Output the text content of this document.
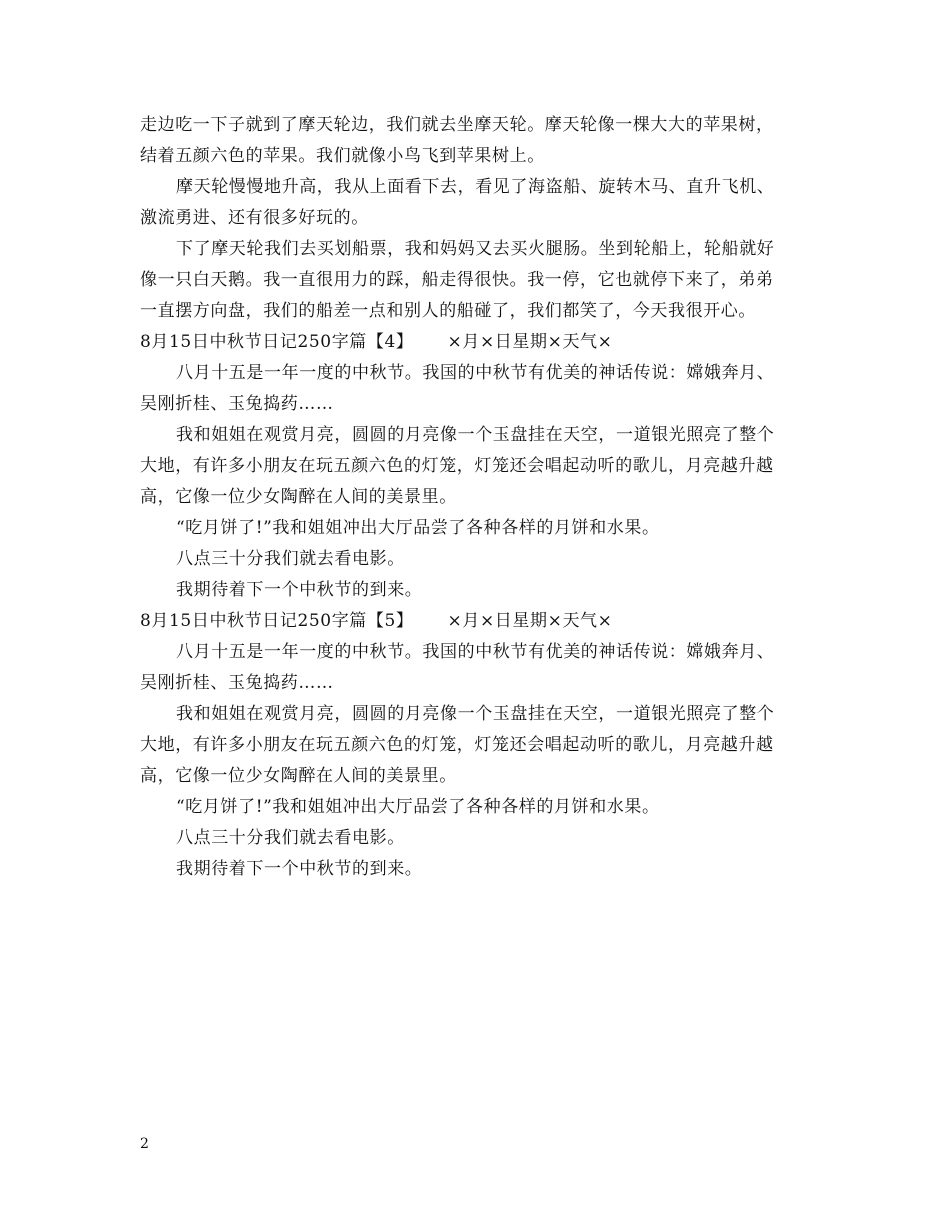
走边吃一下子就到了摩天轮边，我们就去坐摩天轮。摩天轮像一棵大大的苹果树，
结着五颜六色的苹果。我们就像小鸟飞到苹果树上。
摩天轮慢慢地升高，我从上面看下去，看见了海盗船、旋转木马、直升飞机、
激流勇进、还有很多好玩的。
下了摩天轮我们去买划船票，我和妈妈又去买火腿肠。坐到轮船上，轮船就好
像一只白天鹅。我一直很用力的踩，船走得很快。我一停，它也就停下来了，弟弟
一直摆方向盘，我们的船差一点和别人的船碰了，我们都笑了，今天我很开心。
8月15日中秋节日记250字篇【4】 ×月×日星期×天气×
八月十五是一年一度的中秋节。我国的中秋节有优美的神话传说：嫦娥奔月、
吴刚折桂、玉兔捣药……
我和姐姐在观赏月亮，圆圆的月亮像一个玉盘挂在天空，一道银光照亮了整个
大地，有许多小朋友在玩五颜六色的灯笼，灯笼还会唱起动听的歌儿，月亮越升越
高，它像一位少女陶醉在人间的美景里。
“吃月饼了!”我和姐姐冲出大厅品尝了各种各样的月饼和水果。
八点三十分我们就去看电影。
我期待着下一个中秋节的到来。
8月15日中秋节日记250字篇【5】 ×月×日星期×天气×
八月十五是一年一度的中秋节。我国的中秋节有优美的神话传说：嫦娥奔月、
吴刚折桂、玉兔捣药……
我和姐姐在观赏月亮，圆圆的月亮像一个玉盘挂在天空，一道银光照亮了整个
大地，有许多小朋友在玩五颜六色的灯笼，灯笼还会唱起动听的歌儿，月亮越升越
高，它像一位少女陶醉在人间的美景里。
“吃月饼了!”我和姐姐冲出大厅品尝了各种各样的月饼和水果。
八点三十分我们就去看电影。
我期待着下一个中秋节的到来。
2
